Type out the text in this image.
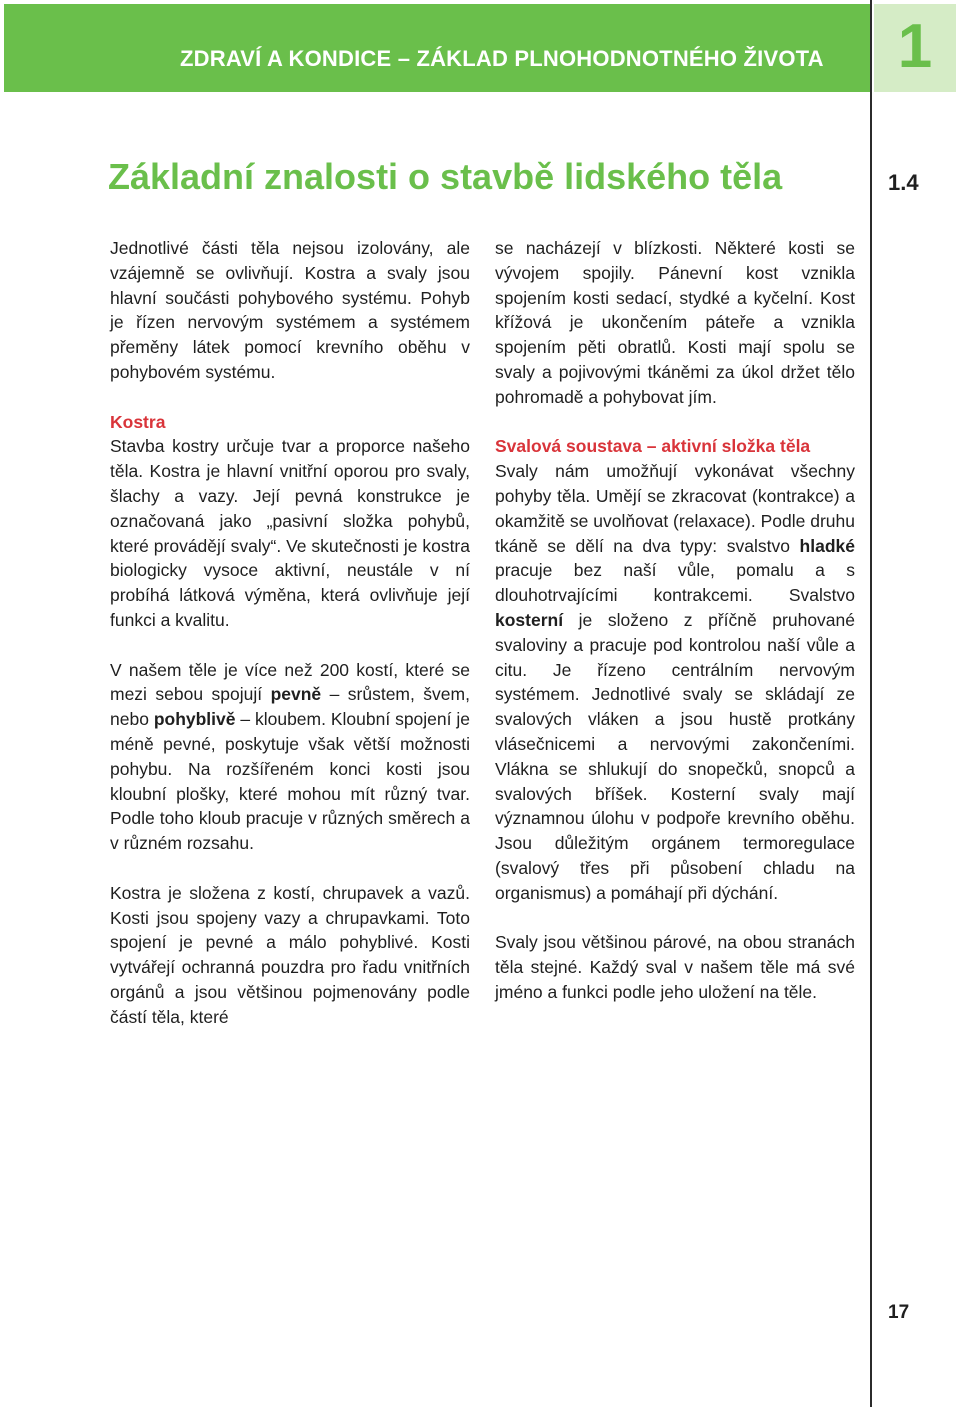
ZDRAVÍ A KONDICE – ZÁKLAD PLNOHODNOTNÉHO ŽIVOTA	1
Základní znalosti o stavbě lidského těla	1.4

Jednotlivé části těla nejsou izolovány, ale vzájemně se ovlivňují. Kostra a svaly jsou hlavní součásti pohybového systému. Pohyb je řízen nervovým systémem a systémem přeměny látek pomocí krevního oběhu v pohybovém systému.

Kostra

Stavba kostry určuje tvar a proporce našeho těla. Kostra je hlavní vnitřní oporou pro svaly, šlachy a vazy. Její pevná konstrukce je označovaná jako „pasivní složka pohybů, které provádějí svaly“. Ve skutečnosti je kostra biologicky vysoce aktivní, neustále v ní probíhá látková výměna, která ovlivňuje její funkci a kvalitu.

V našem těle je více než 200 kostí, které se mezi sebou spojují pevně – srůstem, švem, nebo pohyblivě – kloubem. Kloubní spojení je méně pevné, poskytuje však větší možnosti pohybu. Na rozšířeném konci kosti jsou kloubní plošky, které mohou mít různý tvar. Podle toho kloub pracuje v různých směrech a v různém rozsahu.

Kostra je složena z kostí, chrupavek a vazů. Kosti jsou spojeny vazy a chrupavkami. Toto spojení je pevné a málo pohyblivé. Kosti vytvářejí ochranná pouzdra pro řadu vnitřních orgánů a jsou většinou pojmenovány podle částí těla, které

se nacházejí v blízkosti. Některé kosti se vývojem spojily. Pánevní kost vznikla spojením kosti sedací, stydké a kyčelní. Kost křížová je ukončením páteře a vznikla spojením pěti obratlů. Kosti mají spolu se svaly a pojivovými tkáněmi za úkol držet tělo pohromadě a pohybovat jím.

Svalová soustava – aktivní složka těla

Svaly nám umožňují vykonávat všechny pohyby těla. Umějí se zkracovat (kontrakce) a okamžitě se uvolňovat (relaxace). Podle druhu tkáně se dělí na dva typy: svalstvo hladké pracuje bez naší vůle, pomalu a s dlouhotrvajícími kontrakcemi. Svalstvo kosterní je složeno z příčně pruhované svaloviny a pracuje pod kontrolou naší vůle a citu. Je řízeno centrálním nervovým systémem. Jednotlivé svaly se skládají ze svalových vláken a jsou hustě protkány vlásečnicemi a nervovými zakončeními. Vlákna se shlukují do snopečků, snopců a svalových bříšek. Kosterní svaly mají významnou úlohu v podpoře krevního oběhu. Jsou důležitým orgánem termoregulace (svalový třes při působení chladu na organismus) a pomáhají při dýchání.

Svaly jsou většinou párové, na obou stranách těla stejné. Každý sval v našem těle má své jméno a funkci podle jeho uložení na těle.

17
